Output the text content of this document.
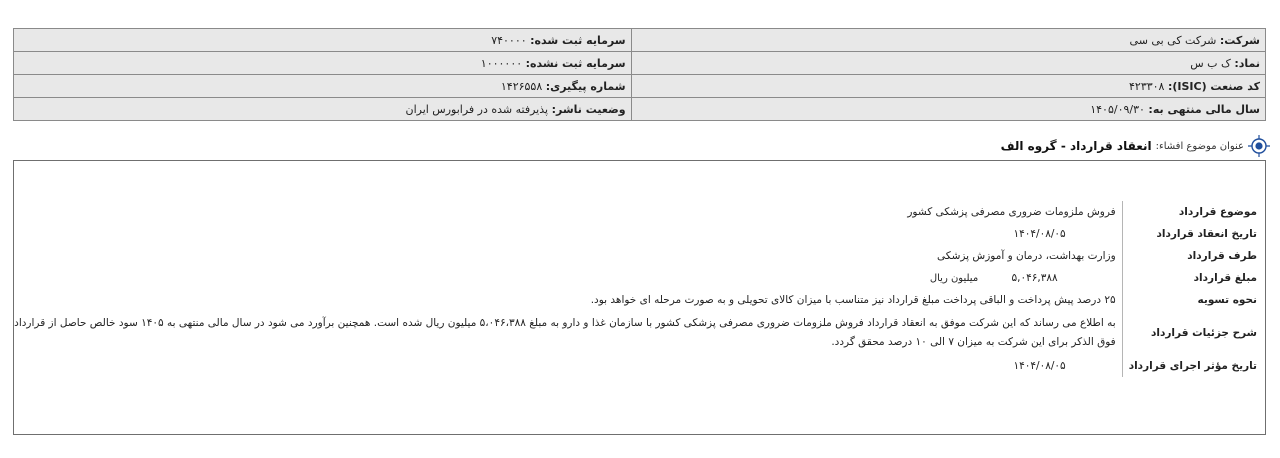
شرکت: شرکت کی بی سی	سرمایه ثبت شده: ۷۴۰۰۰۰
نماد: ک ب س	سرمایه ثبت نشده: ۱۰۰۰۰۰۰
کد صنعت (ISIC): ۴۲۳۳۰۸	شماره پیگیری: ۱۴۲۶۵۵۸
سال مالی منتهی به: ۱۴۰۵/۰۹/۳۰	وضعیت ناشر: پذیرفته شده در فرابورس ایران
عنوان موضوع افشاء:
انعقاد قرارداد - گروه الف
موضوع قرارداد	فروش ملزومات ضروری مصرفی پزشکی کشور
تاریخ انعقاد قرارداد	۱۴۰۴/۰۸/۰۵
طرف قرارداد	وزارت بهداشت، درمان و آموزش پزشکی
مبلغ قرارداد	۵,۰۴۶,۳۸۸ میلیون ریال
نحوه تسویه	۲۵ درصد پیش پرداخت و الباقی پرداخت مبلغ قرارداد نیز متناسب با میزان کالای تحویلی و به صورت مرحله ای خواهد بود.
شرح جزئیات قرارداد	به اطلاع می رساند که این شرکت موفق به انعقاد قرارداد فروش ملزومات ضروری مصرفی پزشکی کشور با سازمان غذا و دارو به مبلغ ۵،۰۴۶،۳۸۸ میلیون ریال شده است. همچنین برآورد می شود در سال مالی منتهی به ۱۴۰۵ سود خالص حاصل از قرارداد فوق الذکر برای این شرکت به میزان ۷ الی ۱۰ درصد محقق گردد.
تاریخ مؤثر اجرای قرارداد	۱۴۰۴/۰۸/۰۵
